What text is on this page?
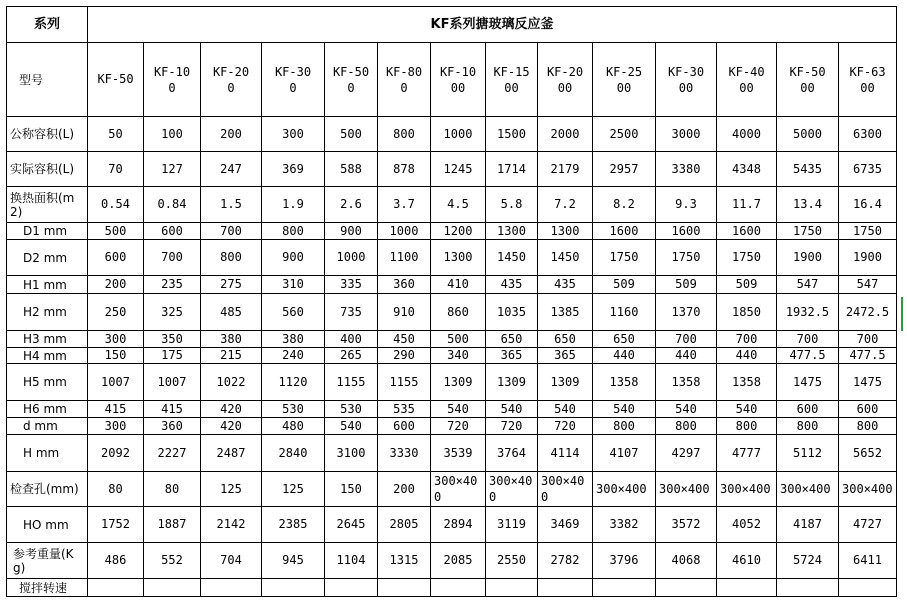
系列	KF系列搪玻璃反应釜													
型号	KF-50	KF-100	KF-200	KF-300	KF-500	KF-800	KF-1000	KF-1500	KF-2000	KF-2500	KF-3000	KF-4000	KF-5000	KF-6300
公称容积(L)	50	100	200	300	500	800	1000	1500	2000	2500	3000	4000	5000	6300
实际容积(L)	70	127	247	369	588	878	1245	1714	2179	2957	3380	4348	5435	6735
换热面积(m2)	0.54	0.84	1.5	1.9	2.6	3.7	4.5	5.8	7.2	8.2	9.3	11.7	13.4	16.4
D1 mm	500	600	700	800	900	1000	1200	1300	1300	1600	1600	1600	1750	1750
D2 mm	600	700	800	900	1000	1100	1300	1450	1450	1750	1750	1750	1900	1900
H1 mm	200	235	275	310	335	360	410	435	435	509	509	509	547	547
H2 mm	250	325	485	560	735	910	860	1035	1385	1160	1370	1850	1932.5	2472.5
H3 mm	300	350	380	380	400	450	500	650	650	650	700	700	700	700
H4 mm	150	175	215	240	265	290	340	365	365	440	440	440	477.5	477.5
H5 mm	1007	1007	1022	1120	1155	1155	1309	1309	1309	1358	1358	1358	1475	1475
H6 mm	415	415	420	530	530	535	540	540	540	540	540	540	600	600
d mm	300	360	420	480	540	600	720	720	720	800	800	800	800	800
H mm	2092	2227	2487	2840	3100	3330	3539	3764	4114	4107	4297	4777	5112	5652
检查孔(mm)	80	80	125	125	150	200	300×400	300×400	300×400	300×400	300×400	300×400	300×400	300×400
HO mm	1752	1887	2142	2385	2645	2805	2894	3119	3469	3382	3572	4052	4187	4727
参考重量(Kg)	486	552	704	945	1104	1315	2085	2550	2782	3796	4068	4610	5724	6411
搅拌转速														
